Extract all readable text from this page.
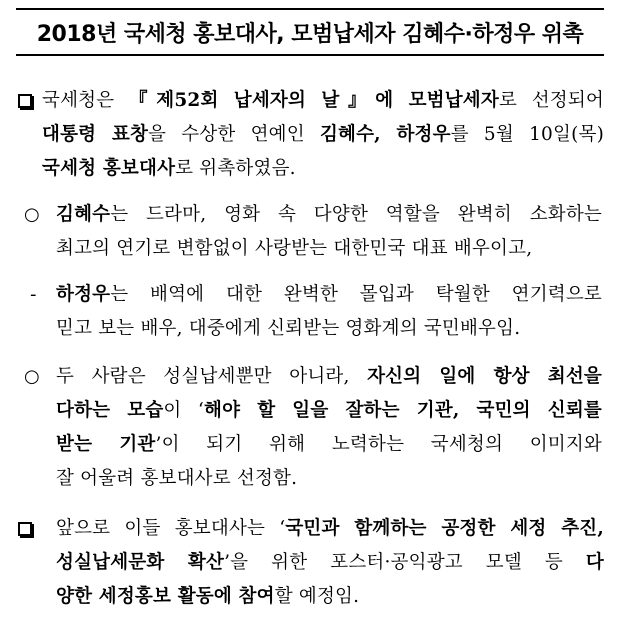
2018년 국세청 홍보대사, 모범납세자 김혜수·하정우 위촉
국세청은 『제52회 납세자의 날』에 모범납세자로 선정되어
대통령 표창을 수상한 연예인 김혜수, 하정우를 5월 10일(목)
국세청 홍보대사로 위촉하였음.
○ 김혜수는 드라마, 영화 속 다양한 역할을 완벽히 소화하는
최고의 연기로 변함없이 사랑받는 대한민국 대표 배우이고,
- 하정우는 배역에 대한 완벽한 몰입과 탁월한 연기력으로
믿고 보는 배우, 대중에게 신뢰받는 영화계의 국민배우임.
○ 두 사람은 성실납세뿐만 아니라, 자신의 일에 항상 최선을
다하는 모습이 ‘해야 할 일을 잘하는 기관, 국민의 신뢰를
받는 기관’이 되기 위해 노력하는 국세청의 이미지와
잘 어울려 홍보대사로 선정함.
앞으로 이들 홍보대사는 ‘국민과 함께하는 공정한 세정 추진,
성실납세문화 확산’을 위한 포스터·공익광고 모델 등 다
양한 세정홍보 활동에 참여할 예정임.
